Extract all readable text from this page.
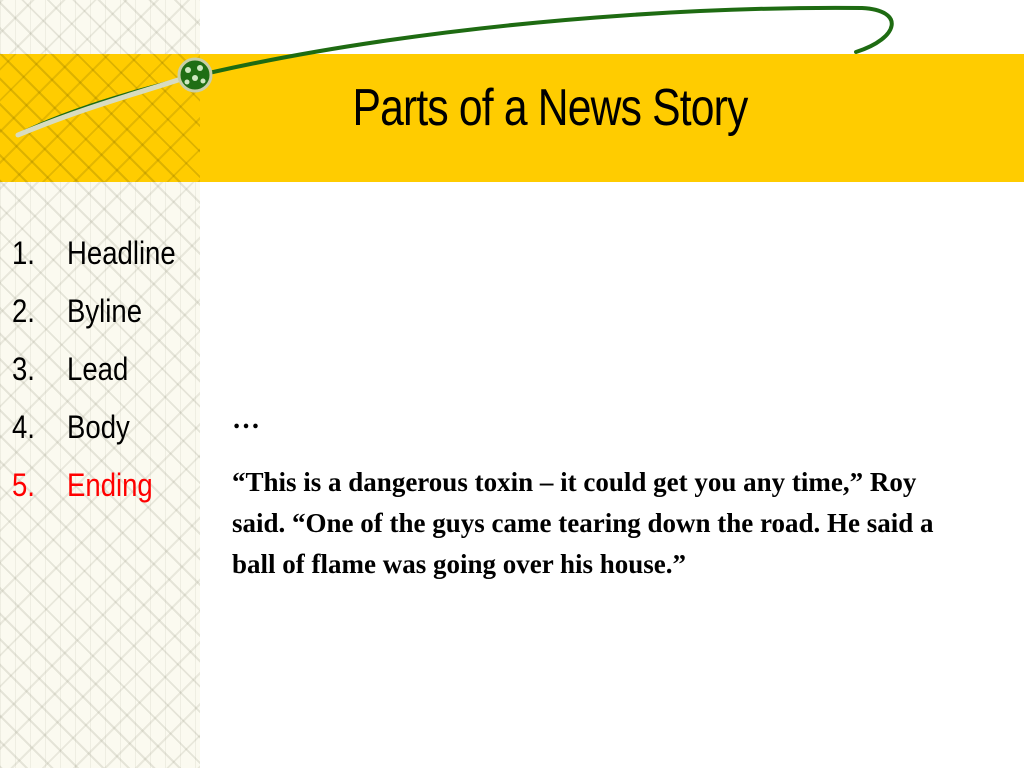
Parts of a News Story
1. Headline
2. Byline
3. Lead
4. Body
5. Ending
…

“This is a dangerous toxin – it could get you any time,” Roy said. “One of the guys came tearing down the road. He said a ball of flame was going over his house.”
